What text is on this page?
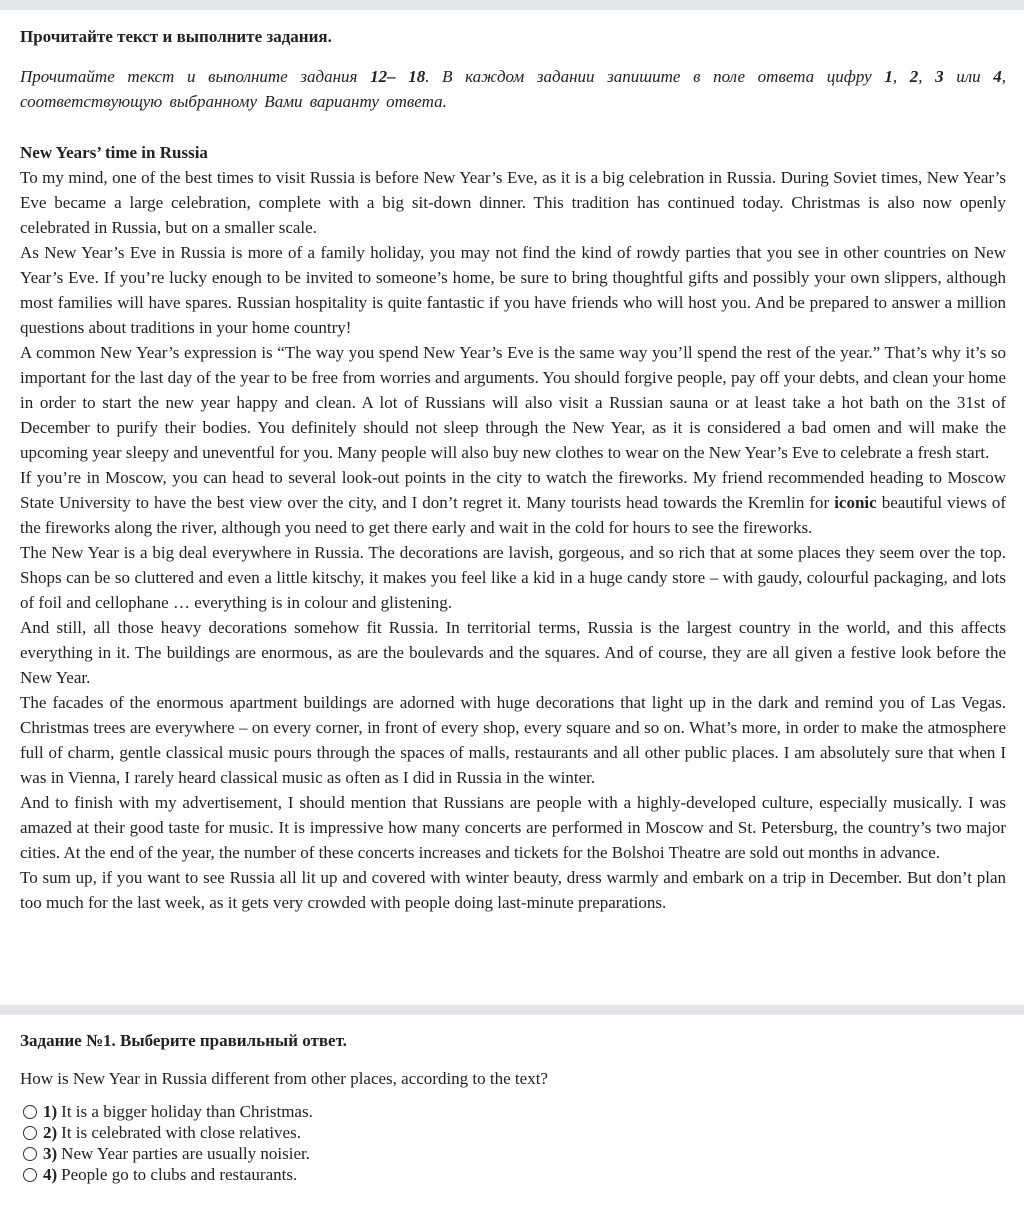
Прочитайте текст и выполните задания.
Прочитайте текст и выполните задания 12– 18. В каждом задании запишите в поле ответа цифру 1, 2, 3 или 4, соответствующую выбранному Вами варианту ответа.
New Years’ time in Russia

To my mind, one of the best times to visit Russia is before New Year’s Eve, as it is a big celebration in Russia. During Soviet times, New Year’s Eve became a large celebration, complete with a big sit-down dinner. This tradition has continued today. Christmas is also now openly celebrated in Russia, but on a smaller scale.

As New Year’s Eve in Russia is more of a family holiday, you may not find the kind of rowdy parties that you see in other countries on New Year’s Eve. If you’re lucky enough to be invited to someone’s home, be sure to bring thoughtful gifts and possibly your own slippers, although most families will have spares. Russian hospitality is quite fantastic if you have friends who will host you. And be prepared to answer a million questions about traditions in your home country!

A common New Year’s expression is “The way you spend New Year’s Eve is the same way you’ll spend the rest of the year.” That’s why it’s so important for the last day of the year to be free from worries and arguments. You should forgive people, pay off your debts, and clean your home in order to start the new year happy and clean. A lot of Russians will also visit a Russian sauna or at least take a hot bath on the 31st of December to purify their bodies. You definitely should not sleep through the New Year, as it is considered a bad omen and will make the upcoming year sleepy and uneventful for you. Many people will also buy new clothes to wear on the New Year’s Eve to celebrate a fresh start.

If you’re in Moscow, you can head to several look-out points in the city to watch the fireworks. My friend recommended heading to Moscow State University to have the best view over the city, and I don’t regret it. Many tourists head towards the Kremlin for iconic beautiful views of the fireworks along the river, although you need to get there early and wait in the cold for hours to see the fireworks.

The New Year is a big deal everywhere in Russia. The decorations are lavish, gorgeous, and so rich that at some places they seem over the top. Shops can be so cluttered and even a little kitschy, it makes you feel like a kid in a huge candy store – with gaudy, colourful packaging, and lots of foil and cellophane … everything is in colour and glistening.

And still, all those heavy decorations somehow fit Russia. In territorial terms, Russia is the largest country in the world, and this affects everything in it. The buildings are enormous, as are the boulevards and the squares. And of course, they are all given a festive look before the New Year.

The facades of the enormous apartment buildings are adorned with huge decorations that light up in the dark and remind you of Las Vegas. Christmas trees are everywhere – on every corner, in front of every shop, every square and so on. What’s more, in order to make the atmosphere full of charm, gentle classical music pours through the spaces of malls, restaurants and all other public places. I am absolutely sure that when I was in Vienna, I rarely heard classical music as often as I did in Russia in the winter.

And to finish with my advertisement, I should mention that Russians are people with a highly-developed culture, especially musically. I was amazed at their good taste for music. It is impressive how many concerts are performed in Moscow and St. Petersburg, the country’s two major cities. At the end of the year, the number of these concerts increases and tickets for the Bolshoi Theatre are sold out months in advance.

To sum up, if you want to see Russia all lit up and covered with winter beauty, dress warmly and embark on a trip in December. But don’t plan too much for the last week, as it gets very crowded with people doing last-minute preparations.

Задание №1. Выберите правильный ответ.
How is New Year in Russia different from other places, according to the text?
1) It is a bigger holiday than Christmas.
2) It is celebrated with close relatives.
3) New Year parties are usually noisier.
4) People go to clubs and restaurants.
